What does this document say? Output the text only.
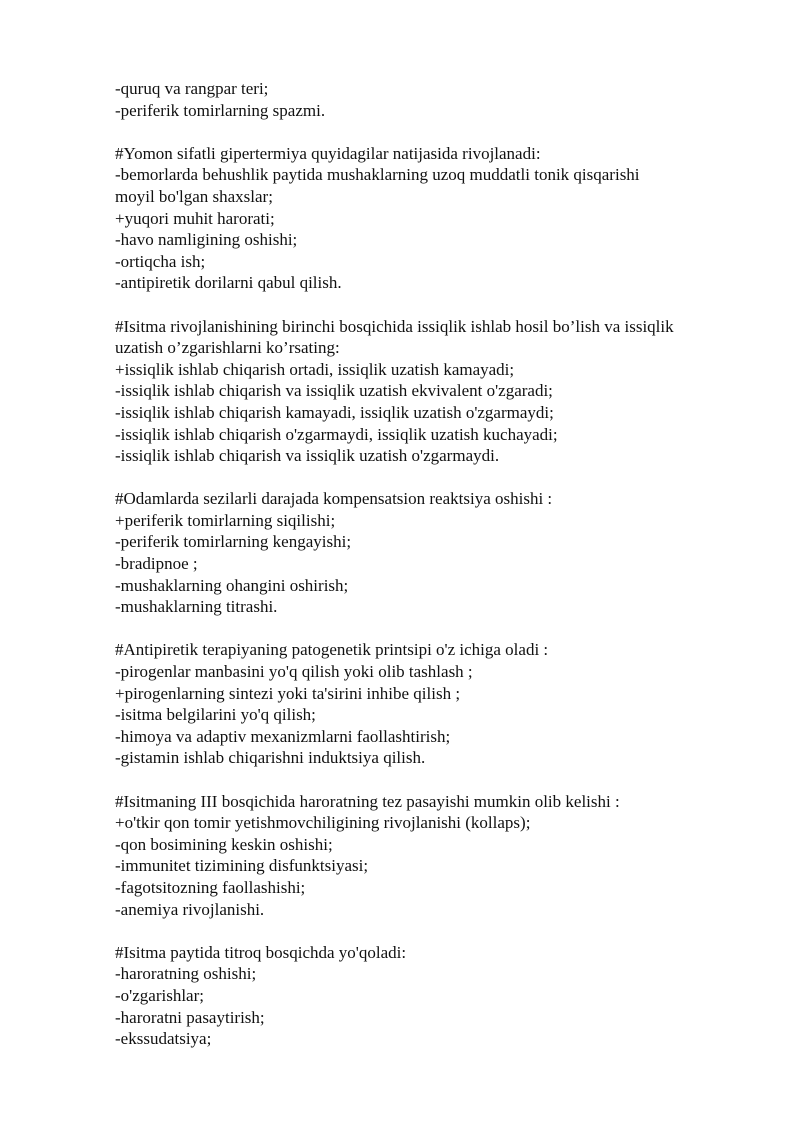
-quruq va rangpar teri;

-periferik tomirlarning spazmi.

#Yomon sifatli gipertermiya quyidagilar natijasida rivojlanadi:

-bemorlarda behushlik paytida mushaklarning uzoq muddatli tonik qisqarishi

moyil bo'lgan shaxslar;

+yuqori muhit harorati;

-havo namligining oshishi;

-ortiqcha ish;

-antipiretik dorilarni qabul qilish.

#Isitma rivojlanishining birinchi bosqichida issiqlik ishlab hosil bo’lish va issiqlik

uzatish o’zgarishlarni ko’rsating:

+issiqlik ishlab chiqarish ortadi, issiqlik uzatish kamayadi;

-issiqlik ishlab chiqarish va issiqlik uzatish ekvivalent o'zgaradi;

-issiqlik ishlab chiqarish kamayadi, issiqlik uzatish o'zgarmaydi;

-issiqlik ishlab chiqarish o'zgarmaydi, issiqlik uzatish kuchayadi;

-issiqlik ishlab chiqarish va issiqlik uzatish o'zgarmaydi.

#Odamlarda sezilarli darajada kompensatsion reaktsiya oshishi :

+periferik tomirlarning siqilishi;

-periferik tomirlarning kengayishi;

-bradipnoe ;

-mushaklarning ohangini oshirish;

-mushaklarning titrashi.

#Antipiretik terapiyaning patogenetik printsipi o'z ichiga oladi :

-pirogenlar manbasini yo'q qilish yoki olib tashlash ;

+pirogenlarning sintezi yoki ta'sirini inhibe qilish ;

-isitma belgilarini yo'q qilish;

-himoya va adaptiv mexanizmlarni faollashtirish;

-gistamin ishlab chiqarishni induktsiya qilish.

#Isitmaning III bosqichida haroratning tez pasayishi mumkin olib kelishi :

+o'tkir qon tomir yetishmovchiligining rivojlanishi (kollaps);

-qon bosimining keskin oshishi;

-immunitet tizimining disfunktsiyasi;

-fagotsitozning faollashishi;

-anemiya rivojlanishi.

#Isitma paytida titroq bosqichda yo'qoladi:

-haroratning oshishi;

-o'zgarishlar;

-haroratni pasaytirish;

-ekssudatsiya;
